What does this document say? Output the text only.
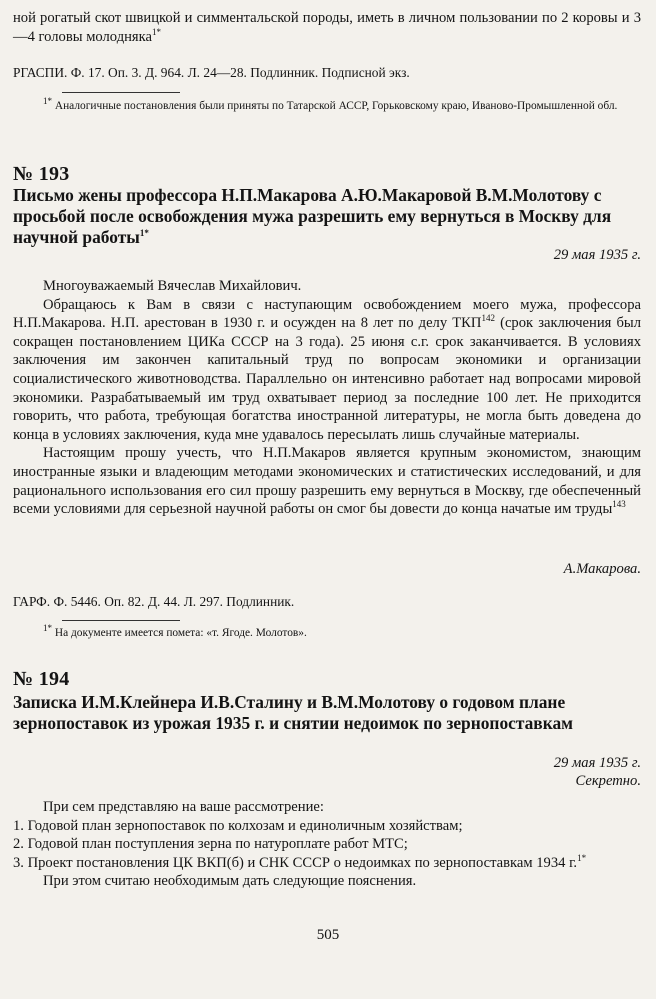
ной рогатый скот швицкой и симментальской породы, иметь в личном пользовании по 2 коровы и 3—4 головы молодняка$^{1*}$

РГАСПИ. Ф. 17. Оп. 3. Д. 964. Л. 24—28. Подлинник. Подписной экз.

$^{1*}$ Аналогичные постановления были приняты по Татарской АССР, Горьковскому краю, Ивановo-Промышленной обл.

№ 193

Письмо жены профессора Н.П.Макарова А.Ю.Макаровой В.М.Молотову с просьбой после освобождения мужа разрешить ему вернуться в Москву для научной работы$^{1*}$

29 мая 1935 г.

Многоуважаемый Вячеслав Михайлович.

Обращаюсь к Вам в связи с наступающим освобождением моего мужа, профессора Н.П.Макарова. Н.П. арестован в 1930 г. и осужден на 8 лет по делу ТКП$^{142}$ (срок заключения был сокращен постановлением ЦИКа СССР на 3 года). 25 июня с.г. срок заканчивается. В условиях заключения им закончен капитальный труд по вопросам экономики и организации социалистического животноводства. Параллельно он интенсивно работает над вопросами мировой экономики. Разрабатываемый им труд охватывает период за последние 100 лет. Не приходится говорить, что работа, требующая богатства иностранной литературы, не могла быть доведена до конца в условиях заключения, куда мне удавалось пересылать лишь случайные материалы.

Настоящим прошу учесть, что Н.П.Макаров является крупным экономистом, знающим иностранные языки и владеющим методами экономических и статистических исследований, и для рационального использования его сил прошу разрешить ему вернуться в Москву, где обеспеченный всеми условиями для серьезной научной работы он смог бы довести до конца начатые им труды$^{143}$

А.Макарова.

ГАРФ. Ф. 5446. Оп. 82. Д. 44. Л. 297. Подлинник.

$^{1*}$ На документе имеется помета: «т. Ягоде. Молотов».

№ 194

Записка И.М.Клейнера И.В.Сталину и В.М.Молотову о годовом плане зернопоставок из урожая 1935 г. и снятии недоимок по зернопоставкам

29 мая 1935 г.
Секретно.

При сем представляю на ваше рассмотрение:

1. Годовой план зернопоставок по колхозам и единоличным хозяйствам;

2. Годовой план поступления зерна по натуроплате работ МТС;

3. Проект постановления ЦК ВКП(б) и СНК СССР о недоимках по зернопоставкам 1934 г.$^{1*}$

При этом считаю необходимым дать следующие пояснения.

505
